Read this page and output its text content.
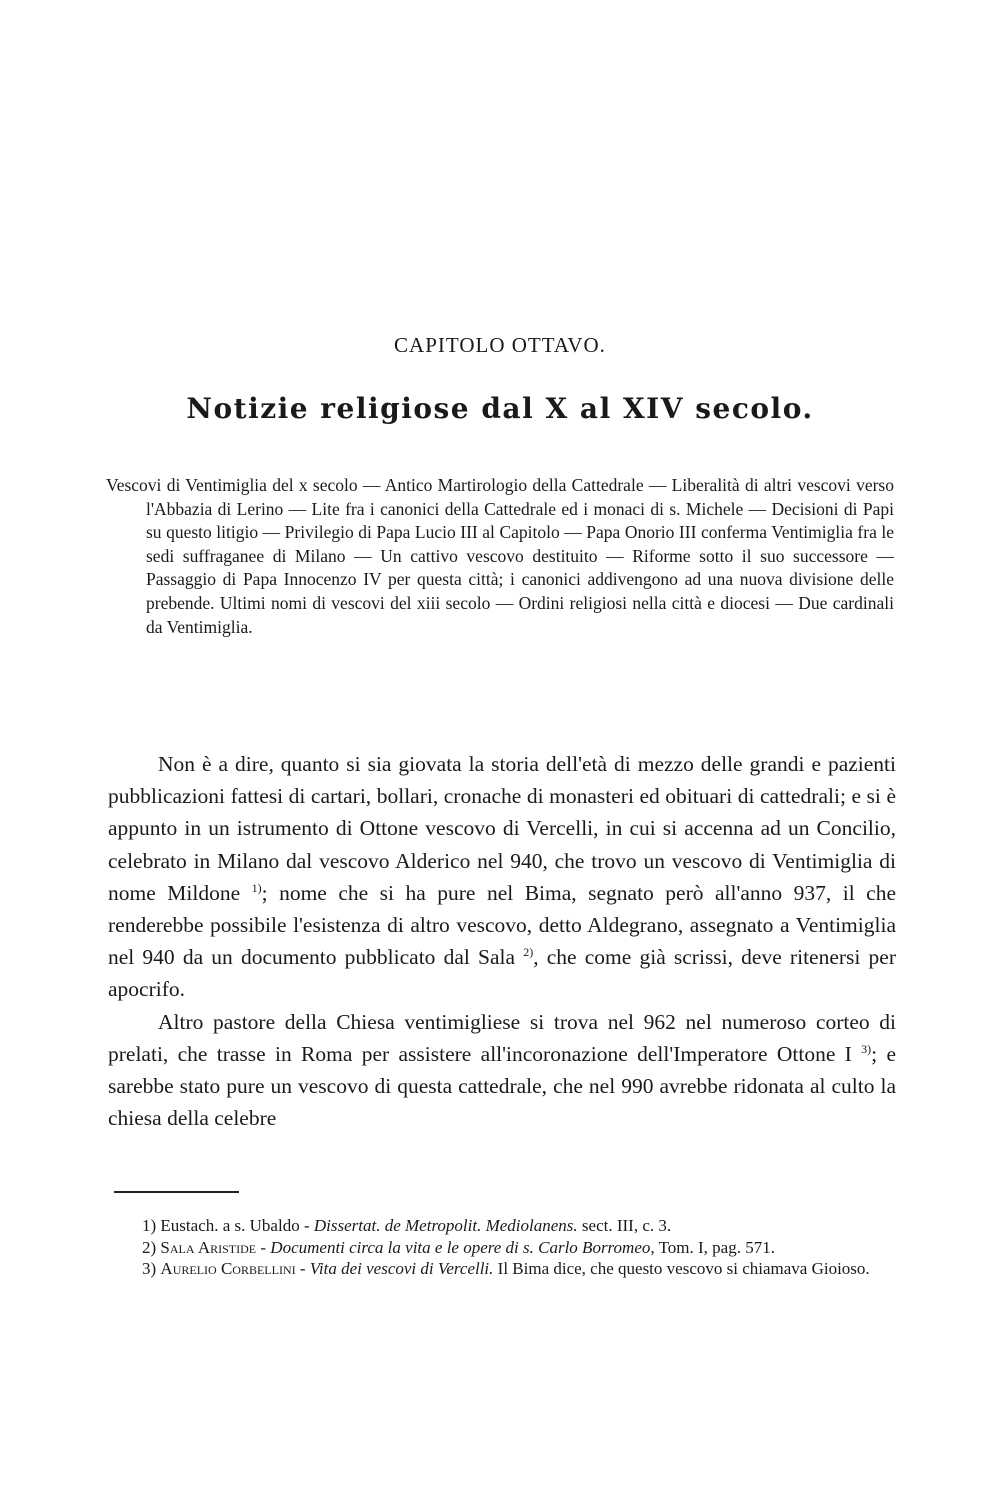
CAPITOLO OTTAVO.
Notizie religiose dal X al XIV secolo.
Vescovi di Ventimiglia del x secolo — Antico Martirologio della Cattedrale — Liberalità di altri vescovi verso l'Abbazia di Lerino — Lite fra i canonici della Cattedrale ed i monaci di s. Michele — Decisioni di Papi su questo litigio — Privilegio di Papa Lucio III al Capitolo — Papa Onorio III conferma Ventimiglia fra le sedi suffraganee di Milano — Un cattivo vescovo destituito — Riforme sotto il suo successore — Passaggio di Papa Innocenzo IV per questa città; i canonici addivengono ad una nuova divisione delle prebende. Ultimi nomi di vescovi del xiii secolo — Ordini religiosi nella città e diocesi — Due cardinali da Ventimiglia.

Non è a dire, quanto si sia giovata la storia dell'età di mezzo delle grandi e pazienti pubblicazioni fattesi di cartari, bollari, cronache di monasteri ed obituari di cattedrali; e si è appunto in un istrumento di Ottone vescovo di Vercelli, in cui si accenna ad un Concilio, celebrato in Milano dal vescovo Alderico nel 940, che trovo un vescovo di Ventimiglia di nome Mildone $^{1)}$; nome che si ha pure nel Bima, segnato però all'anno 937, il che renderebbe possibile l'esistenza di altro vescovo, detto Aldegrano, assegnato a Ventimiglia nel 940 da un documento pubblicato dal Sala $^{2)}$, che come già scrissi, deve ritenersi per apocrifo.

Altro pastore della Chiesa ventimigliese si trova nel 962 nel numeroso corteo di prelati, che trasse in Roma per assistere all'incoronazione dell'Imperatore Ottone I $^{3)}$; e sarebbe stato pure un vescovo di questa cattedrale, che nel 990 avrebbe ridonata al culto la chiesa della celebre

1) Eustach. a s. Ubaldo - Dissertat. de Metropolit. Mediolanens. sect. III, c. 3.
2) Sala Aristide - Documenti circa la vita e le opere di s. Carlo Borromeo, Tom. I, pag. 571.
3) Aurelio Corbellini - Vita dei vescovi di Vercelli. Il Bima dice, che questo vescovo si chiamava Gioioso.
